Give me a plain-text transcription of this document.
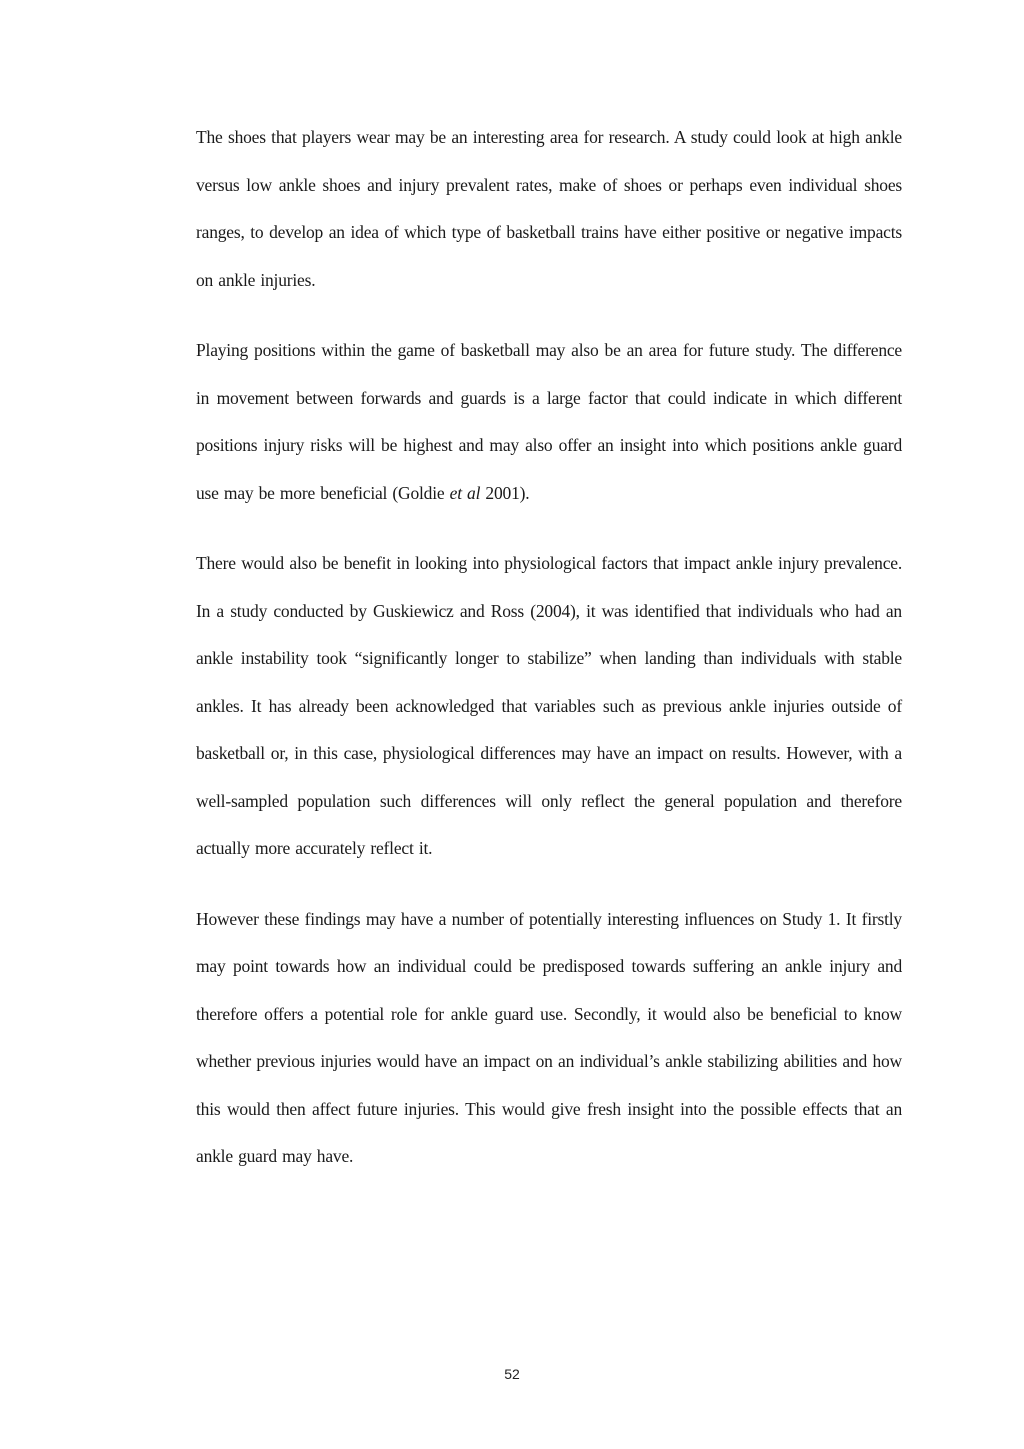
The shoes that players wear may be an interesting area for research. A study could look at high ankle versus low ankle shoes and injury prevalent rates, make of shoes or perhaps even individual shoes ranges, to develop an idea of which type of basketball trains have either positive or negative impacts on ankle injuries.

Playing positions within the game of basketball may also be an area for future study. The difference in movement between forwards and guards is a large factor that could indicate in which different positions injury risks will be highest and may also offer an insight into which positions ankle guard use may be more beneficial (Goldie et al 2001).

There would also be benefit in looking into physiological factors that impact ankle injury prevalence. In a study conducted by Guskiewicz and Ross (2004), it was identified that individuals who had an ankle instability took “significantly longer to stabilize” when landing than individuals with stable ankles. It has already been acknowledged that variables such as previous ankle injuries outside of basketball or, in this case, physiological differences may have an impact on results. However, with a well-sampled population such differences will only reflect the general population and therefore actually more accurately reflect it.

However these findings may have a number of potentially interesting influences on Study 1. It firstly may point towards how an individual could be predisposed towards suffering an ankle injury and therefore offers a potential role for ankle guard use. Secondly, it would also be beneficial to know whether previous injuries would have an impact on an individual’s ankle stabilizing abilities and how this would then affect future injuries. This would give fresh insight into the possible effects that an ankle guard may have.

52
